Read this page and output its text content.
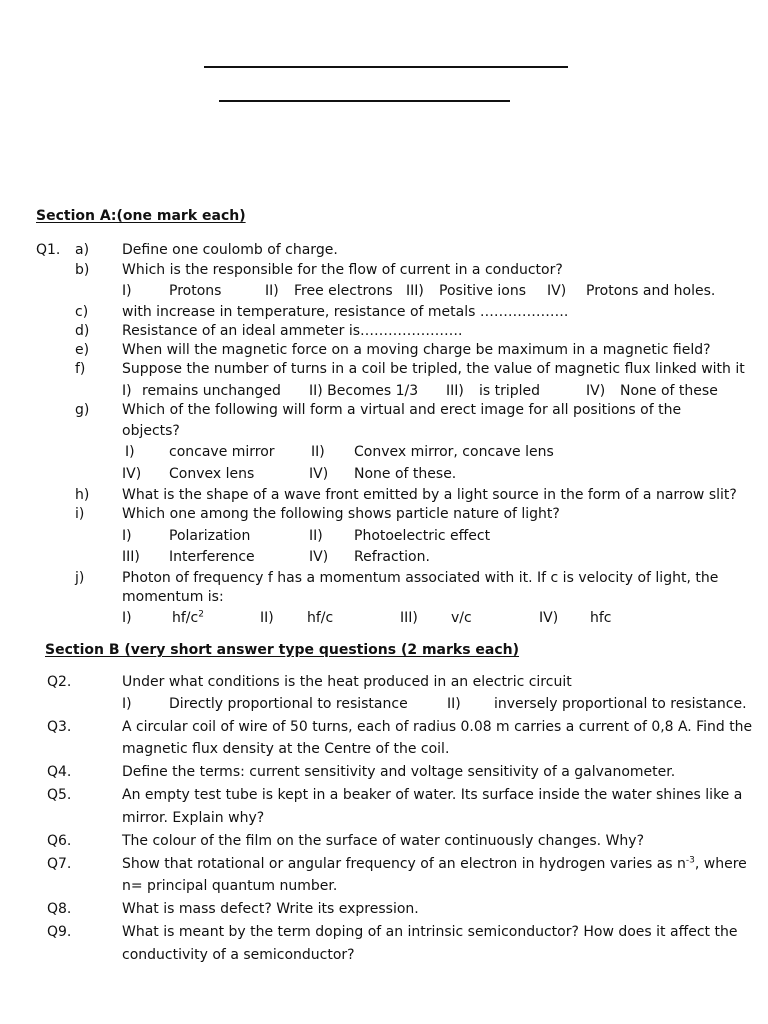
Section A:(one mark each)
Q1. a) Define one coulomb of charge.
b) Which is the responsible for the flow of current in a conductor?
I)	Protons	II) Free electrons III) Positive ions IV) Protons and holes.
c) with increase in temperature, resistance of metals ……………….
d) Resistance of an ideal ammeter is………………….
e) When will the magnetic force on a moving charge be maximum in a magnetic field?
f)	Suppose the number of turns in a coil be tripled, the value of magnetic flux linked with it
I) remains unchanged II) Becomes 1/3 III) is tripled	IV) None of these
g) Which of the following will form a virtual and erect image for all positions of the
objects?
I) concave mirror	II) Convex mirror, concave lens
IV) Convex lens	IV) None of these.
h) What is the shape of a wave front emitted by a light source in the form of a narrow slit?
i)	Which one among the following shows particle nature of light?
I)	Polarization	II) Photoelectric effect
III) Interference	IV) Refraction.
j)	Photon of frequency f has a momentum associated with it. If c is velocity of light, the
momentum is:
I)	$hf/c^2$	II) hf/c	III) v/c	IV) hfc
Section B (very short answer type questions (2 marks each)
Q2.	Under what conditions is the heat produced in an electric circuit
I)	Directly proportional to resistance	II) inversely proportional to resistance.
Q3.	A circular coil of wire of 50 turns, each of radius 0.08 m carries a current of 0,8 A. Find the
magnetic flux density at the Centre of the coil.
Q4.	Define the terms: current sensitivity and voltage sensitivity of a galvanometer.
Q5.	An empty test tube is kept in a beaker of water. Its surface inside the water shines like a
mirror. Explain why?
Q6.	The colour of the film on the surface of water continuously changes. Why?
Q7.	Show that rotational or angular frequency of an electron in hydrogen varies as $n^{-3}$, where
n= principal quantum number.
Q8.	What is mass defect? Write its expression.
Q9.	What is meant by the term doping of an intrinsic semiconductor? How does it affect the
conductivity of a semiconductor?
